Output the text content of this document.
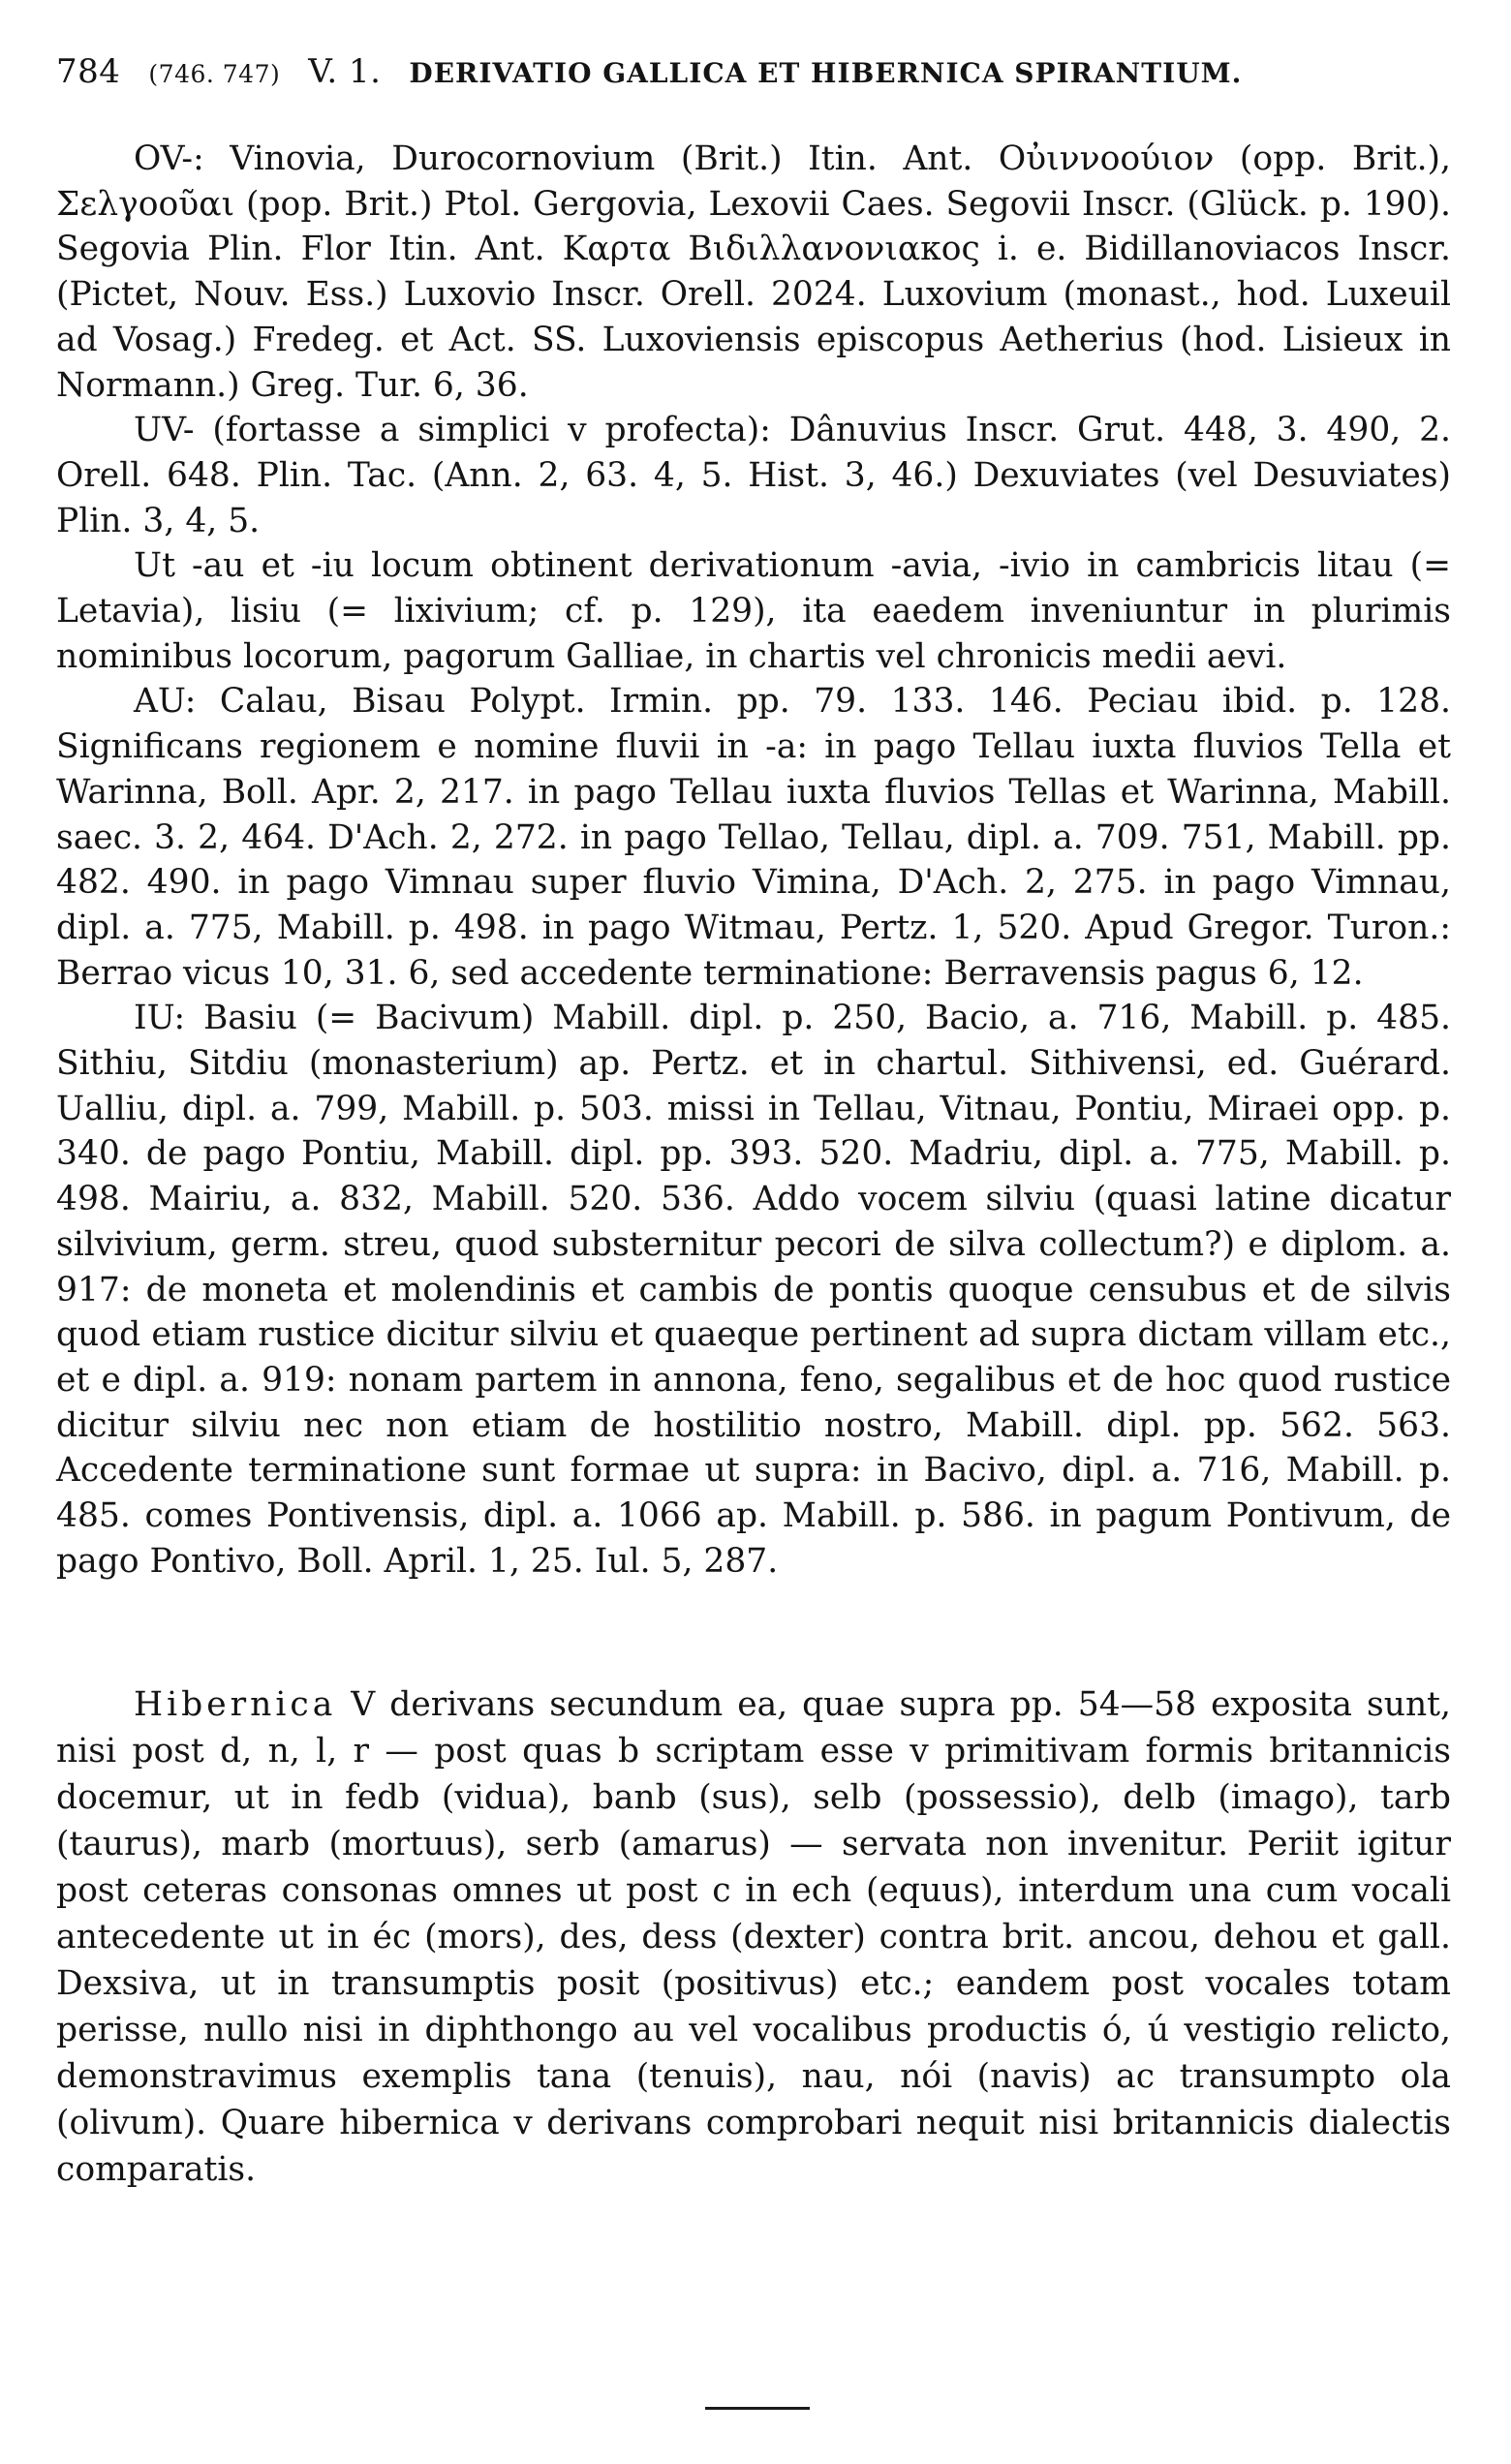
784 (746. 747) V. 1. DERIVATIO GALLICA ET HIBERNICA SPIRANTIUM.

OV-: Vinovia, Durocornovium (Brit.) Itin. Ant. Οὐιννοούιον (opp. Brit.), Σελγοοῦαι (pop. Brit.) Ptol. Gergovia, Lexovii Caes. Segovii Inscr. (Glück. p. 190). Segovia Plin. Flor Itin. Ant. Καρτα Βιδιλλανονιακος i. e. Bidillanoviacos Inscr. (Pictet, Nouv. Ess.) Luxovio Inscr. Orell. 2024. Luxovium (monast., hod. Luxeuil ad Vosag.) Fredeg. et Act. SS. Luxoviensis episcopus Aetherius (hod. Lisieux in Normann.) Greg. Tur. 6, 36.

UV- (fortasse a simplici v profecta): Dânuvius Inscr. Grut. 448, 3. 490, 2. Orell. 648. Plin. Tac. (Ann. 2, 63. 4, 5. Hist. 3, 46.) Dexuviates (vel Desuviates) Plin. 3, 4, 5.

Ut -au et -iu locum obtinent derivationum -avia, -ivio in cambricis litau (= Letavia), lisiu (= lixivium; cf. p. 129), ita eaedem inveniuntur in plurimis nominibus locorum, pagorum Galliae, in chartis vel chronicis medii aevi.

AU: Calau, Bisau Polypt. Irmin. pp. 79. 133. 146. Peciau ibid. p. 128. Significans regionem e nomine fluvii in -a: in pago Tellau iuxta fluvios Tella et Warinna, Boll. Apr. 2, 217. in pago Tellau iuxta fluvios Tellas et Warinna, Mabill. saec. 3. 2, 464. D'Ach. 2, 272. in pago Tellao, Tellau, dipl. a. 709. 751, Mabill. pp. 482. 490. in pago Vimnau super fluvio Vimina, D'Ach. 2, 275. in pago Vimnau, dipl. a. 775, Mabill. p. 498. in pago Witmau, Pertz. 1, 520. Apud Gregor. Turon.: Berrao vicus 10, 31. 6, sed accedente terminatione: Berravensis pagus 6, 12.

IU: Basiu (= Bacivum) Mabill. dipl. p. 250, Bacio, a. 716, Mabill. p. 485. Sithiu, Sitdiu (monasterium) ap. Pertz. et in chartul. Sithivensi, ed. Guérard. Ualliu, dipl. a. 799, Mabill. p. 503. missi in Tellau, Vitnau, Pontiu, Miraei opp. p. 340. de pago Pontiu, Mabill. dipl. pp. 393. 520. Madriu, dipl. a. 775, Mabill. p. 498. Mairiu, a. 832, Mabill. 520. 536. Addo vocem silviu (quasi latine dicatur silvivium, germ. streu, quod substernitur pecori de silva collectum?) e diplom. a. 917: de moneta et molendinis et cambis de pontis quoque censubus et de silvis quod etiam rustice dicitur silviu et quaeque pertinent ad supra dictam villam etc., et e dipl. a. 919: nonam partem in annona, feno, segalibus et de hoc quod rustice dicitur silviu nec non etiam de hostilitio nostro, Mabill. dipl. pp. 562. 563. Accedente terminatione sunt formae ut supra: in Bacivo, dipl. a. 716, Mabill. p. 485. comes Pontivensis, dipl. a. 1066 ap. Mabill. p. 586. in pagum Pontivum, de pago Pontivo, Boll. April. 1, 25. Iul. 5, 287.

Hibernica V derivans secundum ea, quae supra pp. 54—58 exposita sunt, nisi post d, n, l, r — post quas b scriptam esse v primitivam formis britannicis docemur, ut in fedb (vidua), banb (sus), selb (possessio), delb (imago), tarb (taurus), marb (mortuus), serb (amarus) — servata non invenitur. Periit igitur post ceteras consonas omnes ut post c in ech (equus), interdum una cum vocali antecedente ut in éc (mors), des, dess (dexter) contra brit. ancou, dehou et gall. Dexsiva, ut in transumptis posit (positivus) etc.; eandem post vocales totam perisse, nullo nisi in diphthongo au vel vocalibus productis ó, ú vestigio relicto, demonstravimus exemplis tana (tenuis), nau, nói (navis) ac transumpto ola (olivum). Quare hibernica v derivans comprobari nequit nisi britannicis dialectis comparatis.
